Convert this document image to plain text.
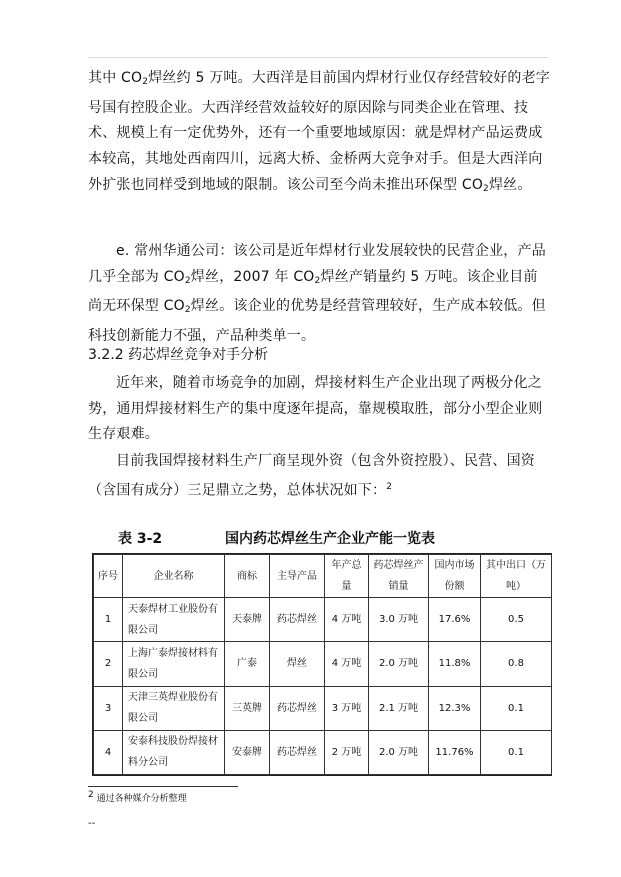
其中 $CO_2$焊丝约 5 万吨。大西洋是目前国内焊材行业仅存经营较好的老字号国有控股企业。大西洋经营效益较好的原因除与同类企业在管理、技术、规模上有一定优势外，还有一个重要地域原因：就是焊材产品运费成本较高，其地处西南四川，远离大桥、金桥两大竞争对手。但是大西洋向外扩张也同样受到地域的限制。该公司至今尚未推出环保型 $CO_2$焊丝。

e. 常州华通公司：该公司是近年焊材行业发展较快的民营企业，产品几乎全部为 $CO_2$焊丝，2007 年 $CO_2$焊丝产销量约 5 万吨。该企业目前尚无环保型 $CO_2$焊丝。该企业的优势是经营管理较好，生产成本较低。但科技创新能力不强，产品种类单一。

3.2.2 药芯焊丝竞争对手分析

近年来，随着市场竞争的加剧，焊接材料生产企业出现了两极分化之势，通用焊接材料生产的集中度逐年提高，靠规模取胜，部分小型企业则生存艰难。

目前我国焊接材料生产厂商呈现外资（包含外资控股）、民营、国资（含国有成分）三足鼎立之势，总体状况如下：$^2$

表 3-2	国内药芯焊丝生产企业产能一览表
序号	企业名称	商标	主导产品	年产总量	药芯焊丝产销量	国内市场份额	其中出口（万吨）
1	天泰焊材工业股份有限公司	天泰牌	药芯焊丝	4 万吨	3.0 万吨	17.6%	0.5
2	上海广泰焊接材料有限公司	广泰	焊丝	4 万吨	2.0 万吨	11.8%	0.8
3	天津三英焊业股份有限公司	三英牌	药芯焊丝	3 万吨	2.1 万吨	12.3%	0.1
4	安泰科技股份焊接材料分公司	安泰牌	药芯焊丝	2 万吨	2.0 万吨	11.76%	0.1
$^2$ 通过各种媒介分析整理
--
